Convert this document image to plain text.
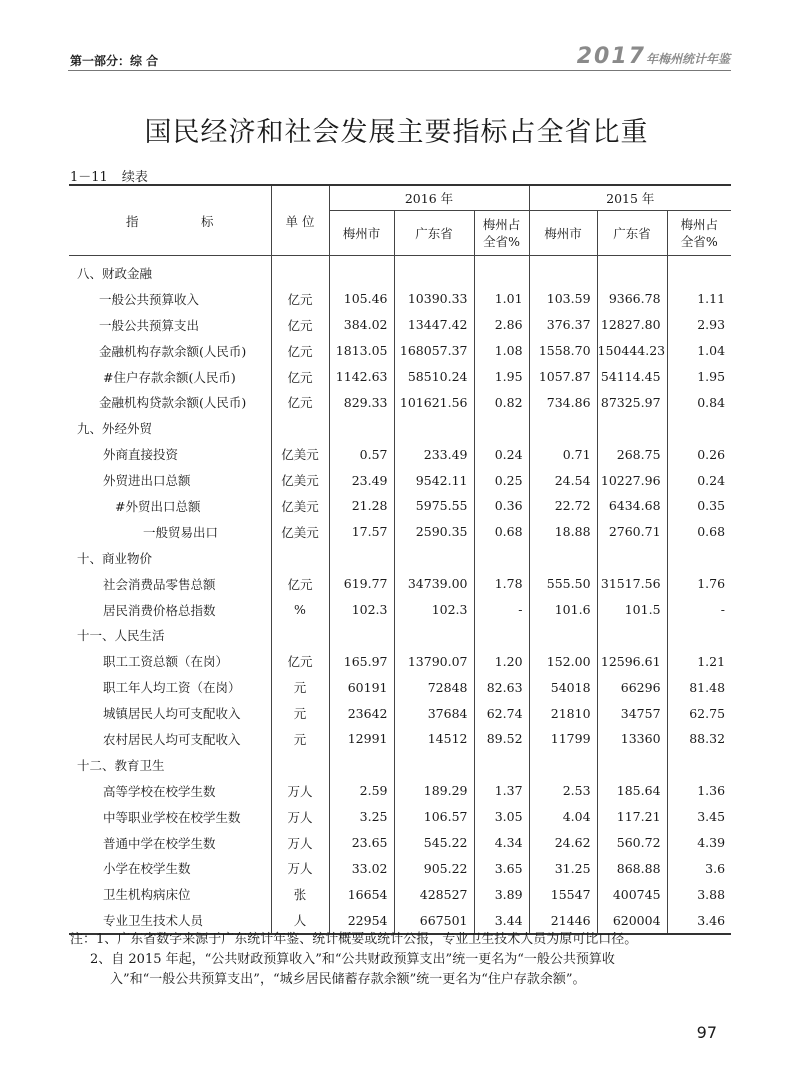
第一部分：综 合	2017年梅州统计年鉴
国民经济和社会发展主要指标占全省比重
1－11 续表
指　　　　　标	单 位	2016 年			2015 年		
		梅州市	广东省	梅州占全省%	梅州市	广东省	梅州占全省%
八、财政金融							
一般公共预算收入	亿元	105.46	10390.33	1.01	103.59	9366.78	1.11
一般公共预算支出	亿元	384.02	13447.42	2.86	376.37	12827.80	2.93
金融机构存款余额(人民币)	亿元	1813.05	168057.37	1.08	1558.70	150444.23	1.04
#住户存款余额(人民币)	亿元	1142.63	58510.24	1.95	1057.87	54114.45	1.95
金融机构贷款余额(人民币)	亿元	829.33	101621.56	0.82	734.86	87325.97	0.84
九、外经外贸							
外商直接投资	亿美元	0.57	233.49	0.24	0.71	268.75	0.26
外贸进出口总额	亿美元	23.49	9542.11	0.25	24.54	10227.96	0.24
#外贸出口总额	亿美元	21.28	5975.55	0.36	22.72	6434.68	0.35
一般贸易出口	亿美元	17.57	2590.35	0.68	18.88	2760.71	0.68
十、商业物价							
社会消费品零售总额	亿元	619.77	34739.00	1.78	555.50	31517.56	1.76
居民消费价格总指数	%	102.3	102.3	-	101.6	101.5	-
十一、人民生活							
职工工资总额（在岗）	亿元	165.97	13790.07	1.20	152.00	12596.61	1.21
职工年人均工资（在岗）	元	60191	72848	82.63	54018	66296	81.48
城镇居民人均可支配收入	元	23642	37684	62.74	21810	34757	62.75
农村居民人均可支配收入	元	12991	14512	89.52	11799	13360	88.32
十二、教育卫生							
高等学校在校学生数	万人	2.59	189.29	1.37	2.53	185.64	1.36
中等职业学校在校学生数	万人	3.25	106.57	3.05	4.04	117.21	3.45
普通中学在校学生数	万人	23.65	545.22	4.34	24.62	560.72	4.39
小学在校学生数	万人	33.02	905.22	3.65	31.25	868.88	3.6
卫生机构病床位	张	16654	428527	3.89	15547	400745	3.88
专业卫生技术人员	人	22954	667501	3.44	21446	620004	3.46
注：1、广东省数字来源于广东统计年鉴、统计概要或统计公报，专业卫生技术人员为原可比口径。
2、自 2015 年起，“公共财政预算收入”和“公共财政预算支出”统一更名为“一般公共预算收
入”和“一般公共预算支出”，“城乡居民储蓄存款余额”统一更名为“住户存款余额”。
97
